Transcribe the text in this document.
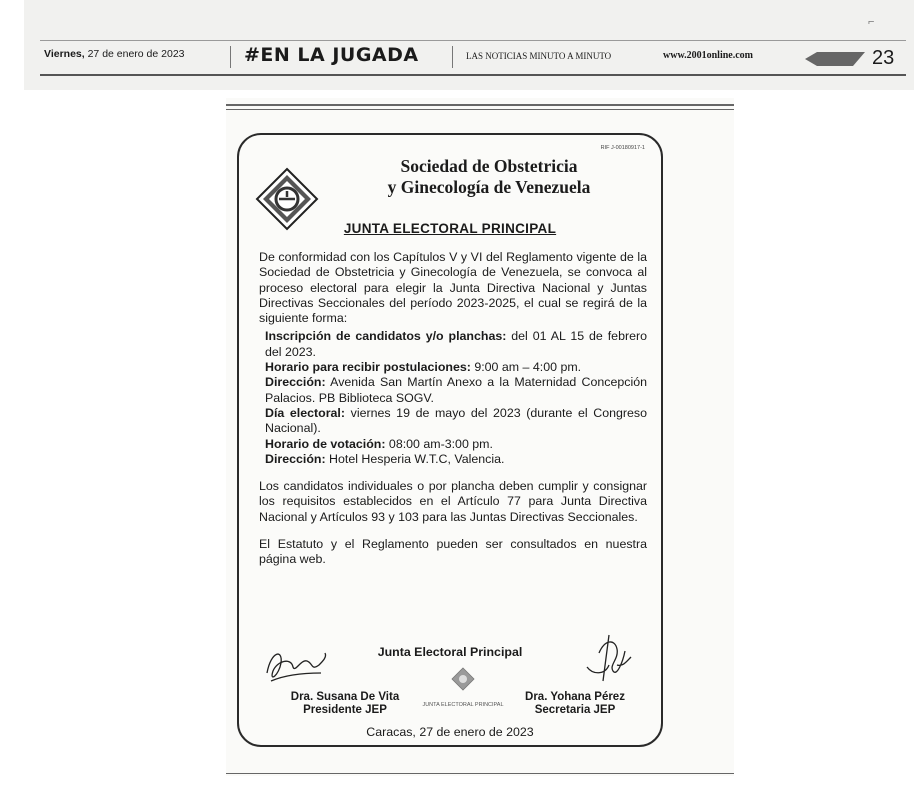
⌐
Viernes, 27 de enero de 2023	#EN LA JUGADA	LAS NOTICIAS MINUTO A MINUTO	www.2001online.com	23
RIF J-00180917-1
Sociedad de Obstetricia
y Ginecología de Venezuela
JUNTA ELECTORAL PRINCIPAL

De conformidad con los Capítulos V y VI del Reglamento vigente de la Sociedad de Obstetricia y Ginecología de Venezuela, se convoca al proceso electoral para elegir la Junta Directiva Nacional y Juntas Directivas Seccionales del período 2023-2025, el cual se regirá de la siguiente forma:

Inscripción de candidatos y/o planchas: del 01 AL 15 de febrero del 2023.

Horario para recibir postulaciones: 9:00 am – 4:00 pm.

Dirección: Avenida San Martín Anexo a la Maternidad Concepción Palacios. PB Biblioteca SOGV.

Día electoral: viernes 19 de mayo del 2023 (durante el Congreso Nacional).

Horario de votación: 08:00 am-3:00 pm.

Dirección: Hotel Hesperia W.T.C, Valencia.

Los candidatos individuales o por plancha deben cumplir y consignar los requisitos establecidos en el Artículo 77 para Junta Directiva Nacional y Artículos 93 y 103 para las Juntas Directivas Seccionales.

El Estatuto y el Reglamento pueden ser consultados en nuestra página web.

Junta Electoral Principal
Dra. Susana De Vita
Presidente JEP	JUNTA ELECTORAL PRINCIPAL
Dra. Yohana Pérez
Secretaria JEP
Caracas, 27 de enero de 2023
